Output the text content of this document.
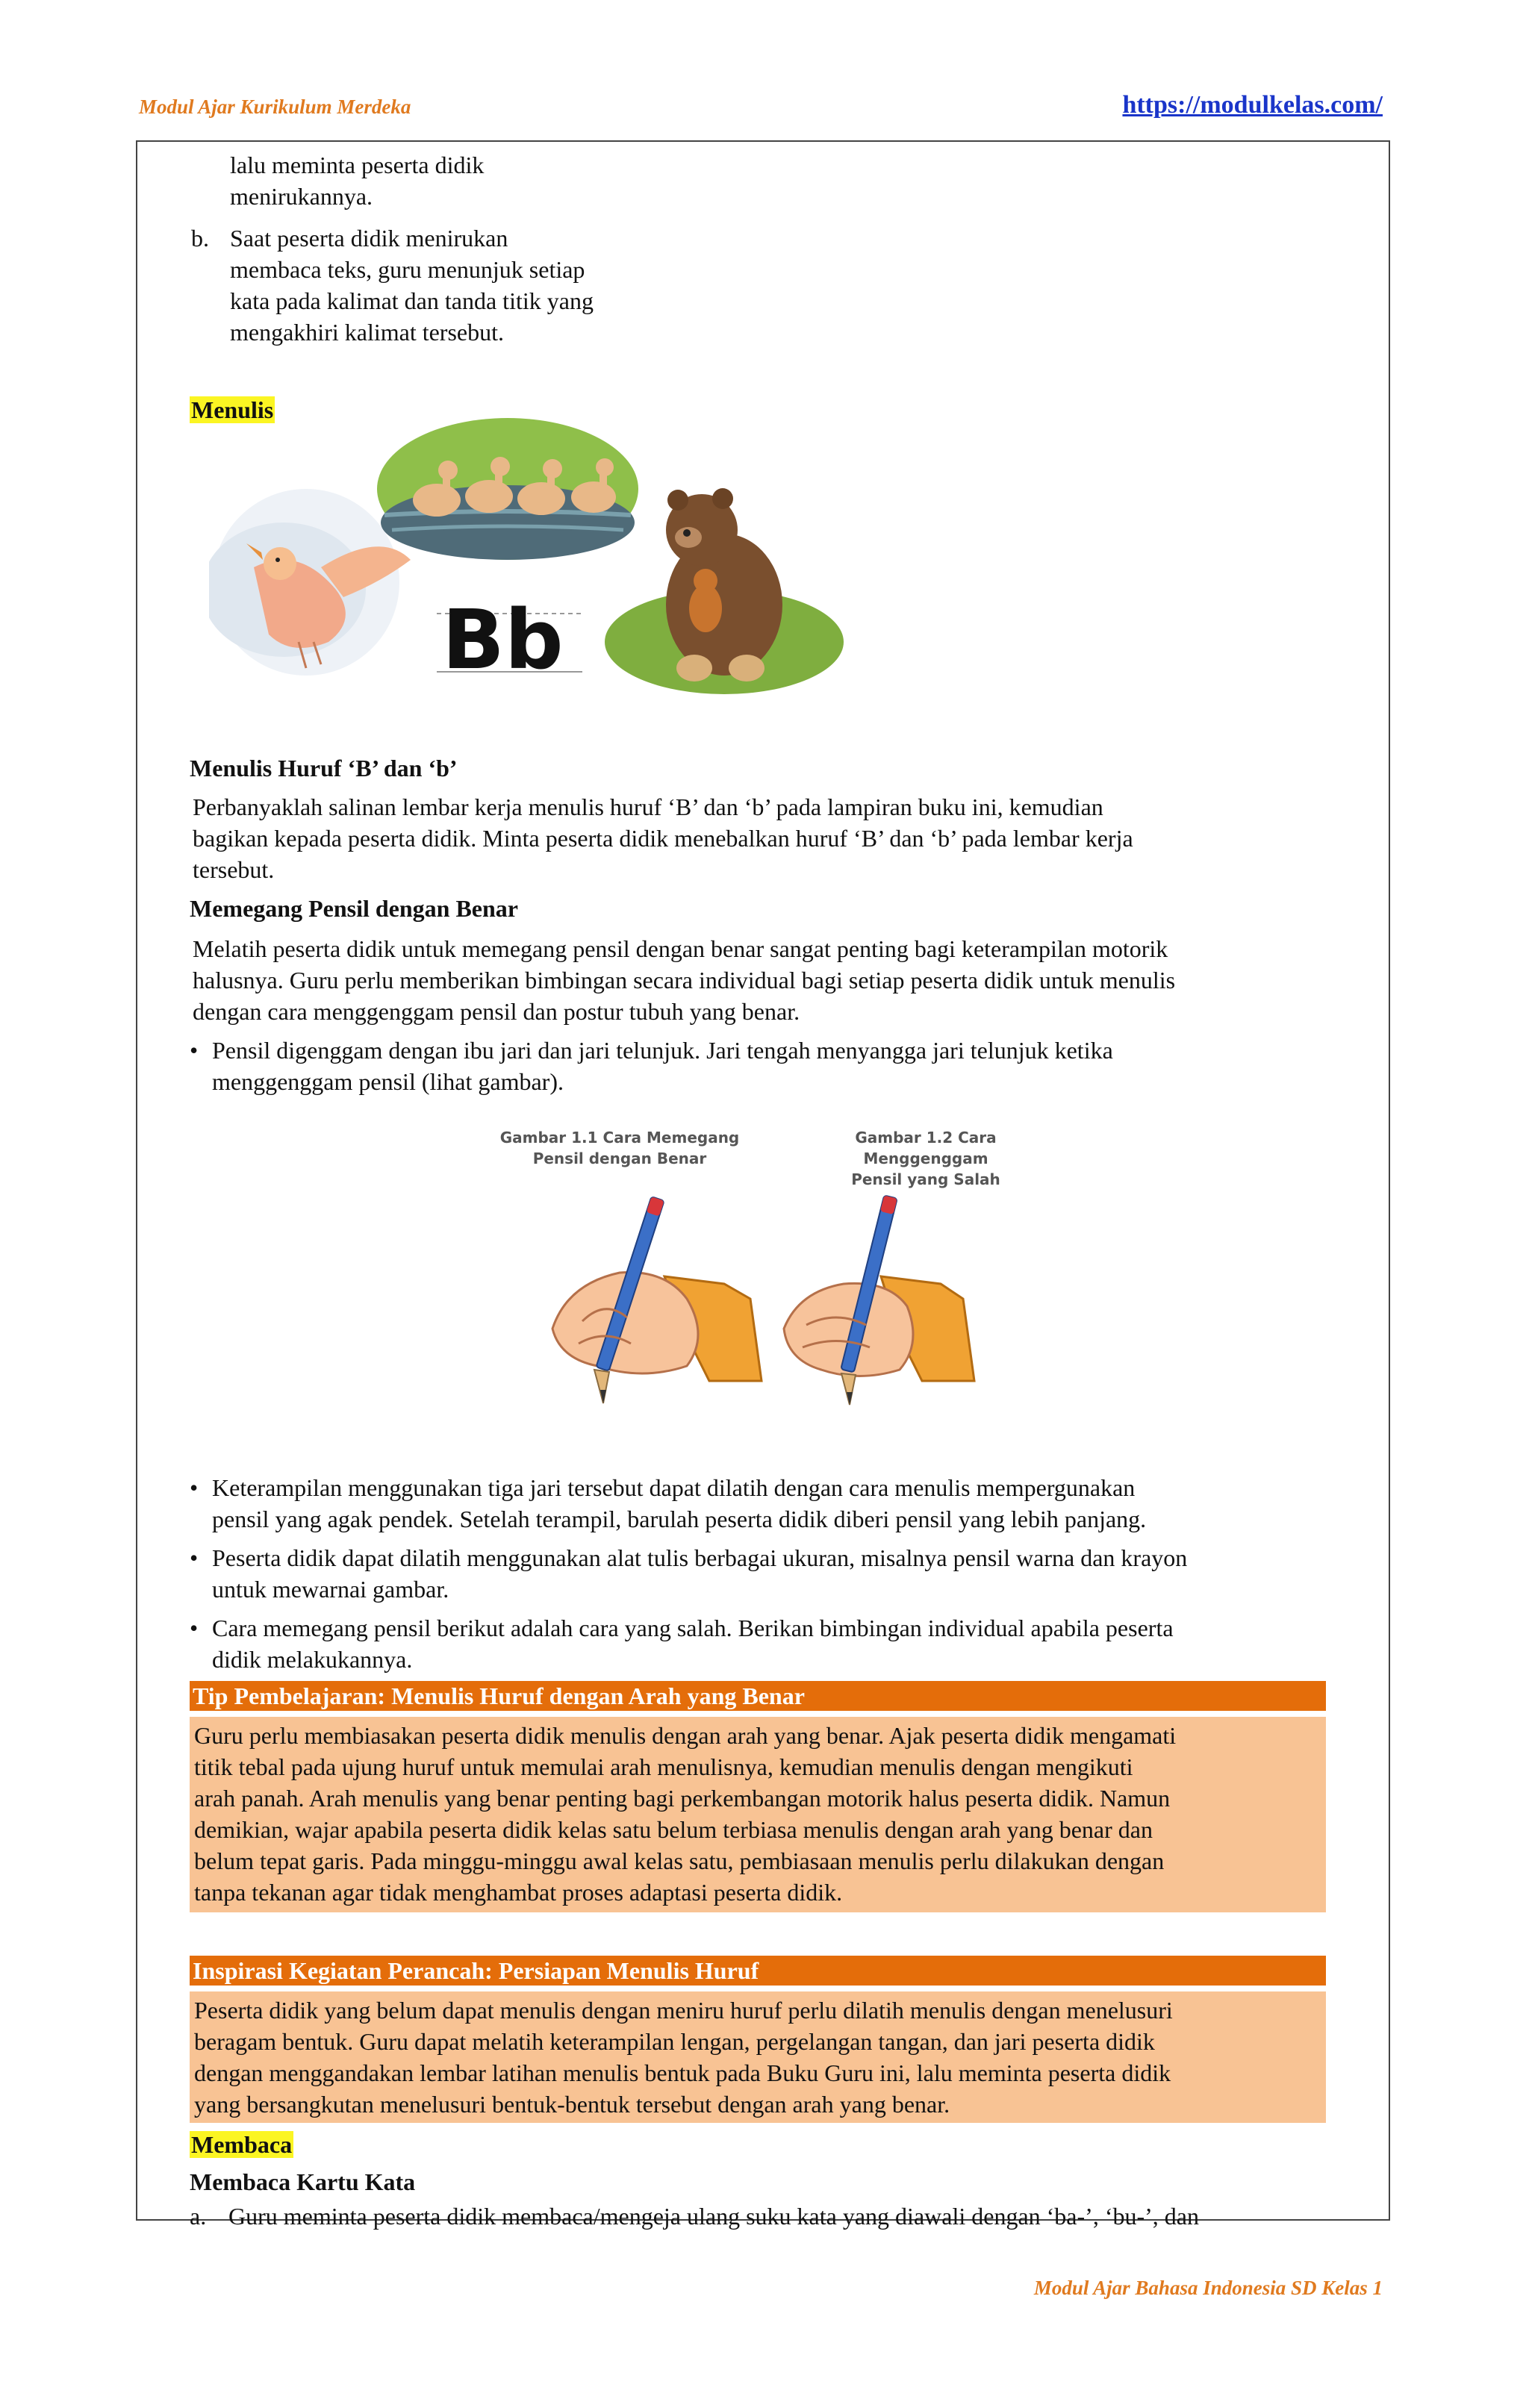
Modul Ajar Kurikulum Merdeka	https://modulkelas.com/
Modul Ajar Bahasa Indonesia SD Kelas 1
lalu meminta peserta didik
menirukannya.
b. Saat peserta didik menirukan
membaca teks, guru menunjuk setiap
kata pada kalimat dan tanda titik yang
mengakhiri kalimat tersebut.
Menulis
Bb
Menulis Huruf ‘B’ dan ‘b’
Perbanyaklah salinan lembar kerja menulis huruf ‘B’ dan ‘b’ pada lampiran buku ini, kemudian
bagikan kepada peserta didik. Minta peserta didik menebalkan huruf ‘B’ dan ‘b’ pada lembar kerja
tersebut.
Memegang Pensil dengan Benar
Melatih peserta didik untuk memegang pensil dengan benar sangat penting bagi keterampilan motorik
halusnya. Guru perlu memberikan bimbingan secara individual bagi setiap peserta didik untuk menulis
dengan cara menggenggam pensil dan postur tubuh yang benar.
• Pensil digenggam dengan ibu jari dan jari telunjuk. Jari tengah menyangga jari telunjuk ketika
menggenggam pensil (lihat gambar).
Gambar 1.1 Cara Memegang
Pensil dengan Benar
Gambar 1.2 Cara Menggenggam
Pensil yang Salah
• Keterampilan menggunakan tiga jari tersebut dapat dilatih dengan cara menulis mempergunakan
pensil yang agak pendek. Setelah terampil, barulah peserta didik diberi pensil yang lebih panjang.
• Peserta didik dapat dilatih menggunakan alat tulis berbagai ukuran, misalnya pensil warna dan krayon
untuk mewarnai gambar.
• Cara memegang pensil berikut adalah cara yang salah. Berikan bimbingan individual apabila peserta
didik melakukannya.
Tip Pembelajaran: Menulis Huruf dengan Arah yang Benar
Guru perlu membiasakan peserta didik menulis dengan arah yang benar. Ajak peserta didik mengamati
titik tebal pada ujung huruf untuk memulai arah menulisnya, kemudian menulis dengan mengikuti
arah panah. Arah menulis yang benar penting bagi perkembangan motorik halus peserta didik. Namun
demikian, wajar apabila peserta didik kelas satu belum terbiasa menulis dengan arah yang benar dan
belum tepat garis. Pada minggu-minggu awal kelas satu, pembiasaan menulis perlu dilakukan dengan
tanpa tekanan agar tidak menghambat proses adaptasi peserta didik.
Inspirasi Kegiatan Perancah: Persiapan Menulis Huruf
Peserta didik yang belum dapat menulis dengan meniru huruf perlu dilatih menulis dengan menelusuri
beragam bentuk. Guru dapat melatih keterampilan lengan, pergelangan tangan, dan jari peserta didik
dengan menggandakan lembar latihan menulis bentuk pada Buku Guru ini, lalu meminta peserta didik
yang bersangkutan menelusuri bentuk-bentuk tersebut dengan arah yang benar.
Membaca
Membaca Kartu Kata
a. Guru meminta peserta didik membaca/mengeja ulang suku kata yang diawali dengan ‘ba-’, ‘bu-’, dan
